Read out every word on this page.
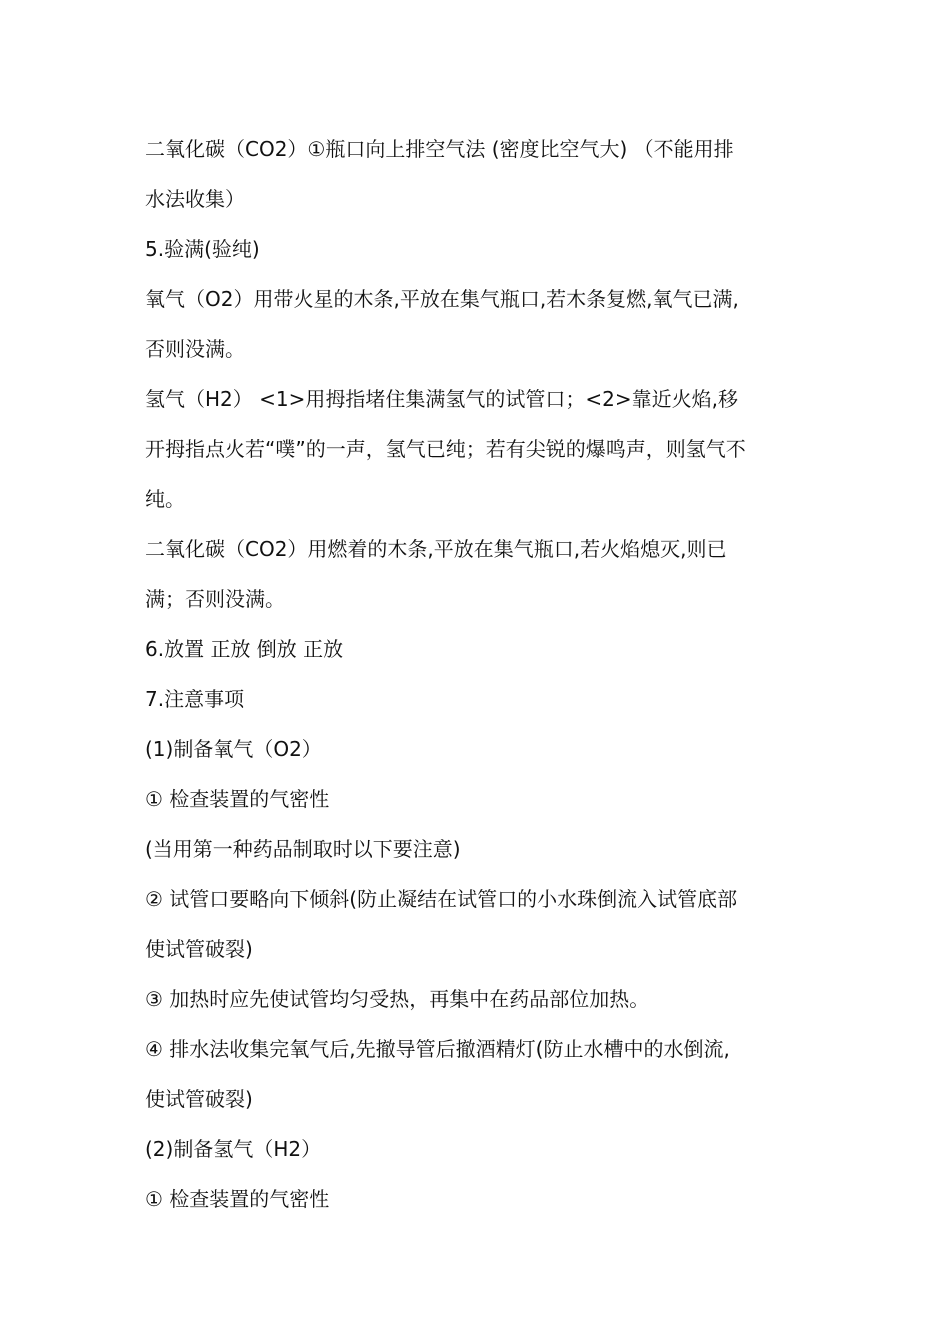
二氧化碳（CO2）①瓶口向上排空气法 (密度比空气大) （不能用排
水法收集）
5.验满(验纯)
氧气（O2）用带火星的木条,平放在集气瓶口,若木条复燃,氧气已满,
否则没满。
氢气（H2） <1>用拇指堵住集满氢气的试管口；<2>靠近火焰,移
开拇指点火若“噗”的一声，氢气已纯；若有尖锐的爆鸣声，则氢气不
纯。
二氧化碳（CO2）用燃着的木条,平放在集气瓶口,若火焰熄灭,则已
满；否则没满。
6.放置 正放 倒放 正放
7.注意事项
(1)制备氧气（O2）
① 检查装置的气密性
(当用第一种药品制取时以下要注意)
② 试管口要略向下倾斜(防止凝结在试管口的小水珠倒流入试管底部
使试管破裂)
③ 加热时应先使试管均匀受热，再集中在药品部位加热。
④ 排水法收集完氧气后,先撤导管后撤酒精灯(防止水槽中的水倒流,
使试管破裂)
(2)制备氢气（H2）
① 检查装置的气密性
